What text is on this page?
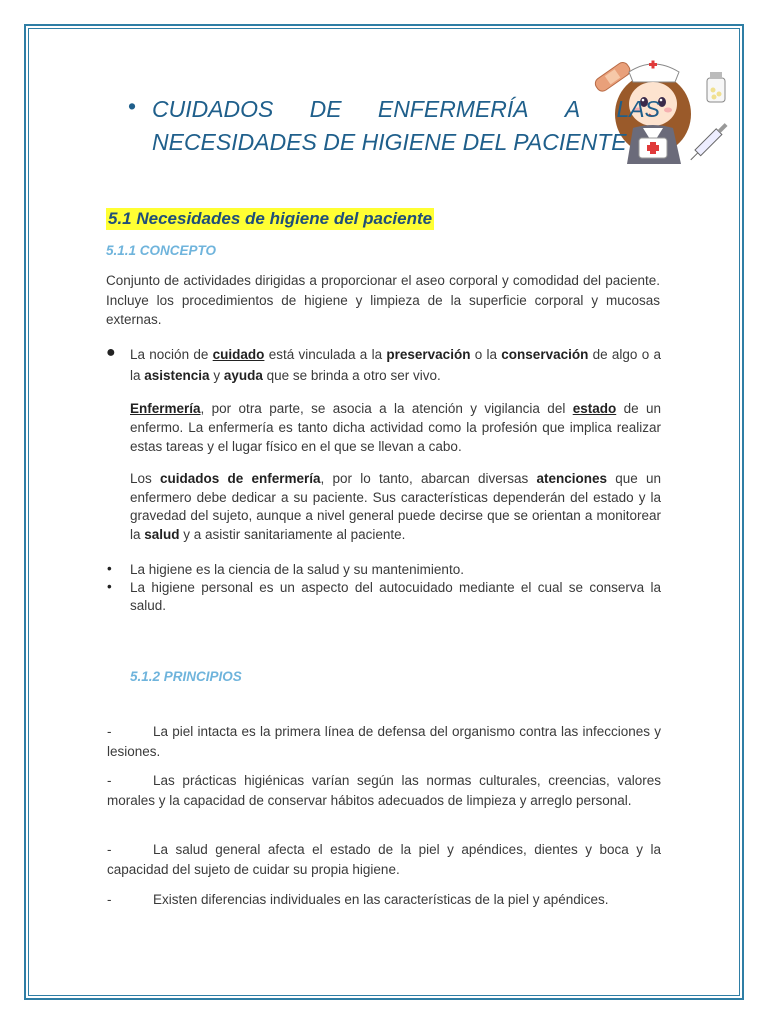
• CUIDADOS DE ENFERMERÍA A LAS
NECESIDADES DE HIGIENE DEL PACIENTE
5.1 Necesidades de higiene del paciente
5.1.1 CONCEPTO
Conjunto de actividades dirigidas a proporcionar el aseo corporal y comodidad del paciente. Incluye los procedimientos de higiene y limpieza de la superficie corporal y mucosas externas.
● La noción de cuidado está vinculada a la preservación o la conservación de algo o a la asistencia y ayuda que se brinda a otro ser vivo.
Enfermería, por otra parte, se asocia a la atención y vigilancia del estado de un enfermo. La enfermería es tanto dicha actividad como la profesión que implica realizar estas tareas y el lugar físico en el que se llevan a cabo.
Los cuidados de enfermería, por lo tanto, abarcan diversas atenciones que un enfermero debe dedicar a su paciente. Sus características dependerán del estado y la gravedad del sujeto, aunque a nivel general puede decirse que se orientan a monitorear la salud y a asistir sanitariamente al paciente.
• La higiene es la ciencia de la salud y su mantenimiento.
• La higiene personal es un aspecto del autocuidado mediante el cual se conserva la salud.
5.1.2 PRINCIPIOS
-	La piel intacta es la primera línea de defensa del organismo contra las infecciones y lesiones.
-	Las prácticas higiénicas varían según las normas culturales, creencias, valores morales y la capacidad de conservar hábitos adecuados de limpieza y arreglo personal.
-	La salud general afecta el estado de la piel y apéndices, dientes y boca y la capacidad del sujeto de cuidar su propia higiene.
-	Existen diferencias individuales en las características de la piel y apéndices.
